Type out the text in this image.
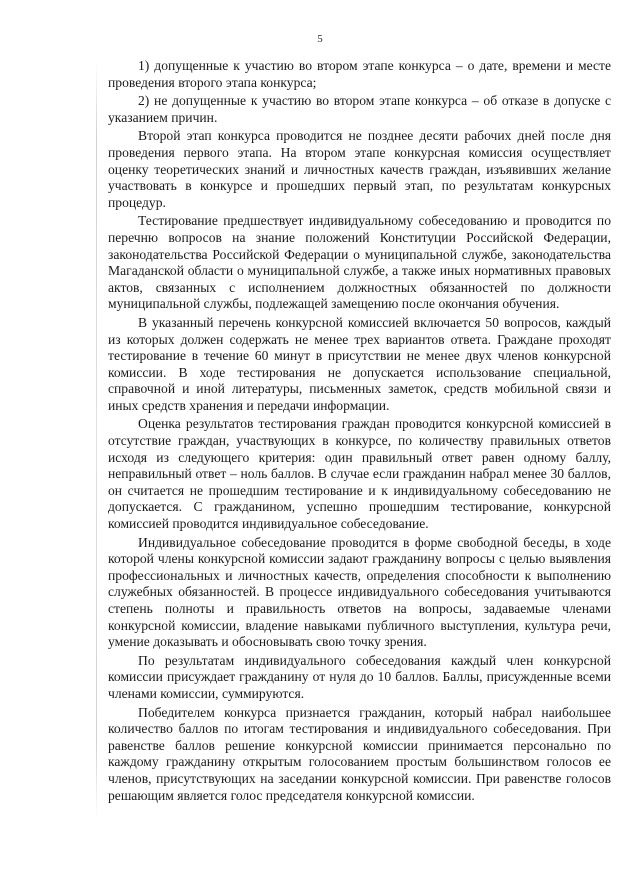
5

1) допущенные к участию во втором этапе конкурса – о дате, времени и месте проведения второго этапа конкурса;

2) не допущенные к участию во втором этапе конкурса – об отказе в допуске с указанием причин.

Второй этап конкурса проводится не позднее десяти рабочих дней после дня проведения первого этапа. На втором этапе конкурсная комиссия осуществляет оценку теоретических знаний и личностных качеств граждан, изъявивших желание участвовать в конкурсе и прошедших первый этап, по результатам конкурсных процедур.

Тестирование предшествует индивидуальному собеседованию и проводится по перечню вопросов на знание положений Конституции Российской Федерации, законодательства Российской Федерации о муниципальной службе, законодательства Магаданской области о муниципальной службе, а также иных нормативных правовых актов, связанных с исполнением должностных обязанностей по должности муниципальной службы, подлежащей замещению после окончания обучения.

В указанный перечень конкурсной комиссией включается 50 вопросов, каждый из которых должен содержать не менее трех вариантов ответа. Граждане проходят тестирование в течение 60 минут в присутствии не менее двух членов конкурсной комиссии. В ходе тестирования не допускается использование специальной, справочной и иной литературы, письменных заметок, средств мобильной связи и иных средств хранения и передачи информации.

Оценка результатов тестирования граждан проводится конкурсной комиссией в отсутствие граждан, участвующих в конкурсе, по количеству правильных ответов исходя из следующего критерия: один правильный ответ равен одному баллу, неправильный ответ – ноль баллов. В случае если гражданин набрал менее 30 баллов, он считается не прошедшим тестирование и к индивидуальному собеседованию не допускается. С гражданином, успешно прошедшим тестирование, конкурсной комиссией проводится индивидуальное собеседование.

Индивидуальное собеседование проводится в форме свободной беседы, в ходе которой члены конкурсной комиссии задают гражданину вопросы с целью выявления профессиональных и личностных качеств, определения способности к выполнению служебных обязанностей. В процессе индивидуального собеседования учитываются степень полноты и правильность ответов на вопросы, задаваемые членами конкурсной комиссии, владение навыками публичного выступления, культура речи, умение доказывать и обосновывать свою точку зрения.

По результатам индивидуального собеседования каждый член конкурсной комиссии присуждает гражданину от нуля до 10 баллов. Баллы, присужденные всеми членами комиссии, суммируются.

Победителем конкурса признается гражданин, который набрал наибольшее количество баллов по итогам тестирования и индивидуального собеседования. При равенстве баллов решение конкурсной комиссии принимается персонально по каждому гражданину открытым голосованием простым большинством голосов ее членов, присутствующих на заседании конкурсной комиссии. При равенстве голосов решающим является голос председателя конкурсной комиссии.
